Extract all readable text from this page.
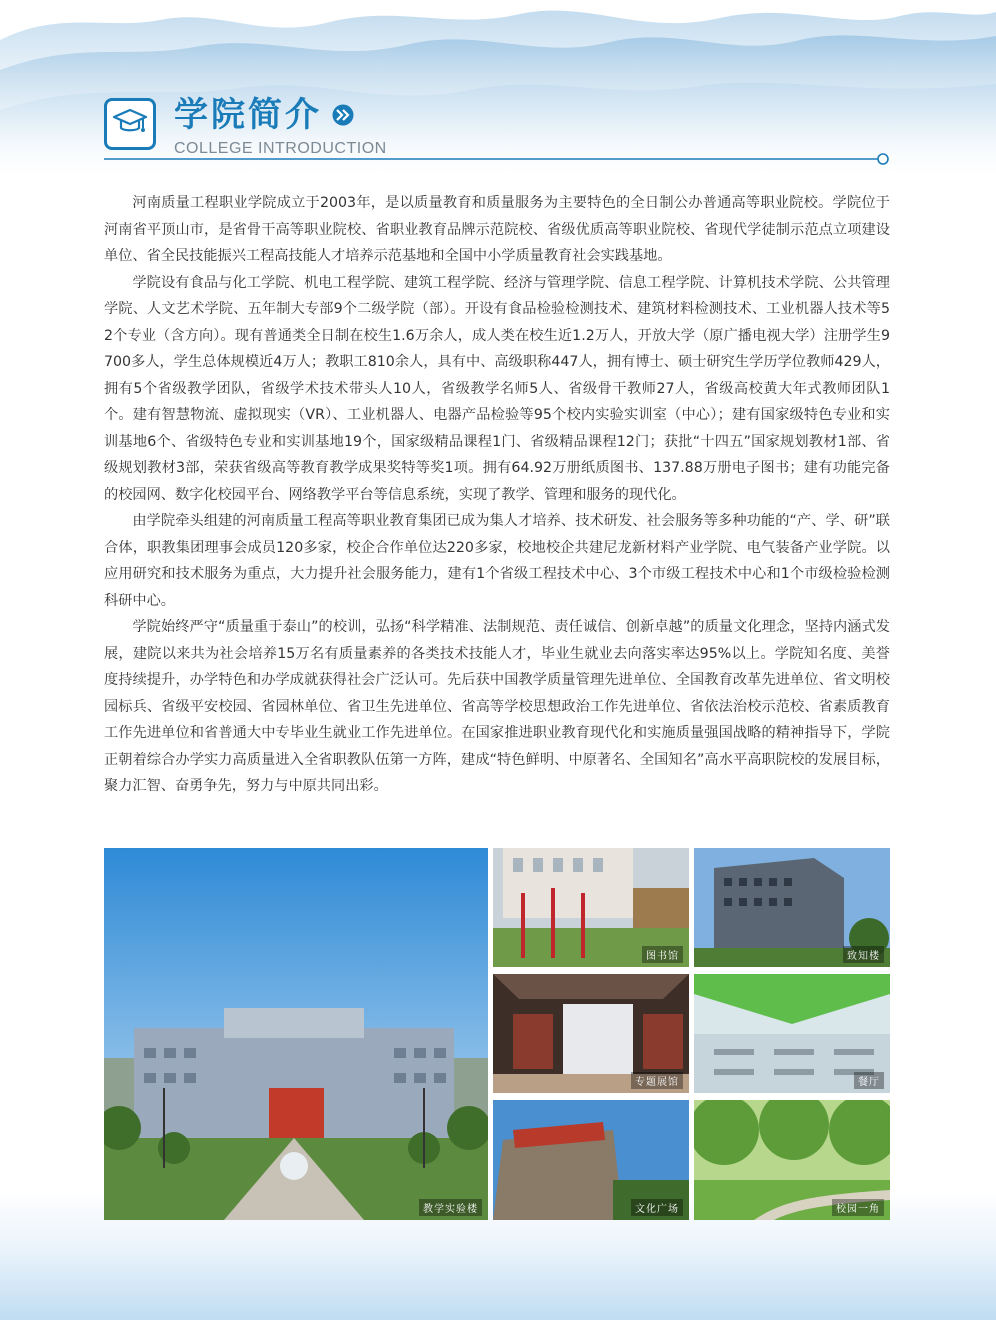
学院简介
COLLEGE INTRODUCTION

河南质量工程职业学院成立于2003年，是以质量教育和质量服务为主要特色的全日制公办普通高等职业院校。学院位于河南省平顶山市，是省骨干高等职业院校、省职业教育品牌示范院校、省级优质高等职业院校、省现代学徒制示范点立项建设单位、省全民技能振兴工程高技能人才培养示范基地和全国中小学质量教育社会实践基地。

学院设有食品与化工学院、机电工程学院、建筑工程学院、经济与管理学院、信息工程学院、计算机技术学院、公共管理学院、人文艺术学院、五年制大专部9个二级学院（部）。开设有食品检验检测技术、建筑材料检测技术、工业机器人技术等52个专业（含方向）。现有普通类全日制在校生1.6万余人，成人类在校生近1.2万人，开放大学（原广播电视大学）注册学生9700多人，学生总体规模近4万人；教职工810余人，具有中、高级职称447人，拥有博士、硕士研究生学历学位教师429人，拥有5个省级教学团队，省级学术技术带头人10人，省级教学名师5人、省级骨干教师27人，省级高校黄大年式教师团队1个。建有智慧物流、虚拟现实（VR）、工业机器人、电器产品检验等95个校内实验实训室（中心）；建有国家级特色专业和实训基地6个、省级特色专业和实训基地19个，国家级精品课程1门、省级精品课程12门；获批“十四五”国家规划教材1部、省级规划教材3部，荣获省级高等教育教学成果奖特等奖1项。拥有64.92万册纸质图书、137.88万册电子图书；建有功能完备的校园网、数字化校园平台、网络教学平台等信息系统，实现了教学、管理和服务的现代化。

由学院牵头组建的河南质量工程高等职业教育集团已成为集人才培养、技术研发、社会服务等多种功能的“产、学、研”联合体，职教集团理事会成员120多家，校企合作单位达220多家，校地校企共建尼龙新材料产业学院、电气装备产业学院。以应用研究和技术服务为重点，大力提升社会服务能力，建有1个省级工程技术中心、3个市级工程技术中心和1个市级检验检测科研中心。

学院始终严守“质量重于泰山”的校训，弘扬“科学精准、法制规范、责任诚信、创新卓越”的质量文化理念，坚持内涵式发展，建院以来共为社会培养15万名有质量素养的各类技术技能人才，毕业生就业去向落实率达95%以上。学院知名度、美誉度持续提升，办学特色和办学成就获得社会广泛认可。先后获中国教学质量管理先进单位、全国教育改革先进单位、省文明校园标兵、省级平安校园、省园林单位、省卫生先进单位、省高等学校思想政治工作先进单位、省依法治校示范校、省素质教育工作先进单位和省普通大中专毕业生就业工作先进单位。在国家推进职业教育现代化和实施质量强国战略的精神指导下，学院正朝着综合办学实力高质量进入全省职教队伍第一方阵，建成“特色鲜明、中原著名、全国知名”高水平高职院校的发展目标，聚力汇智、奋勇争先，努力与中原共同出彩。

教学实验楼
图书馆	致知楼
专题展馆	餐厅
文化广场	校园一角
